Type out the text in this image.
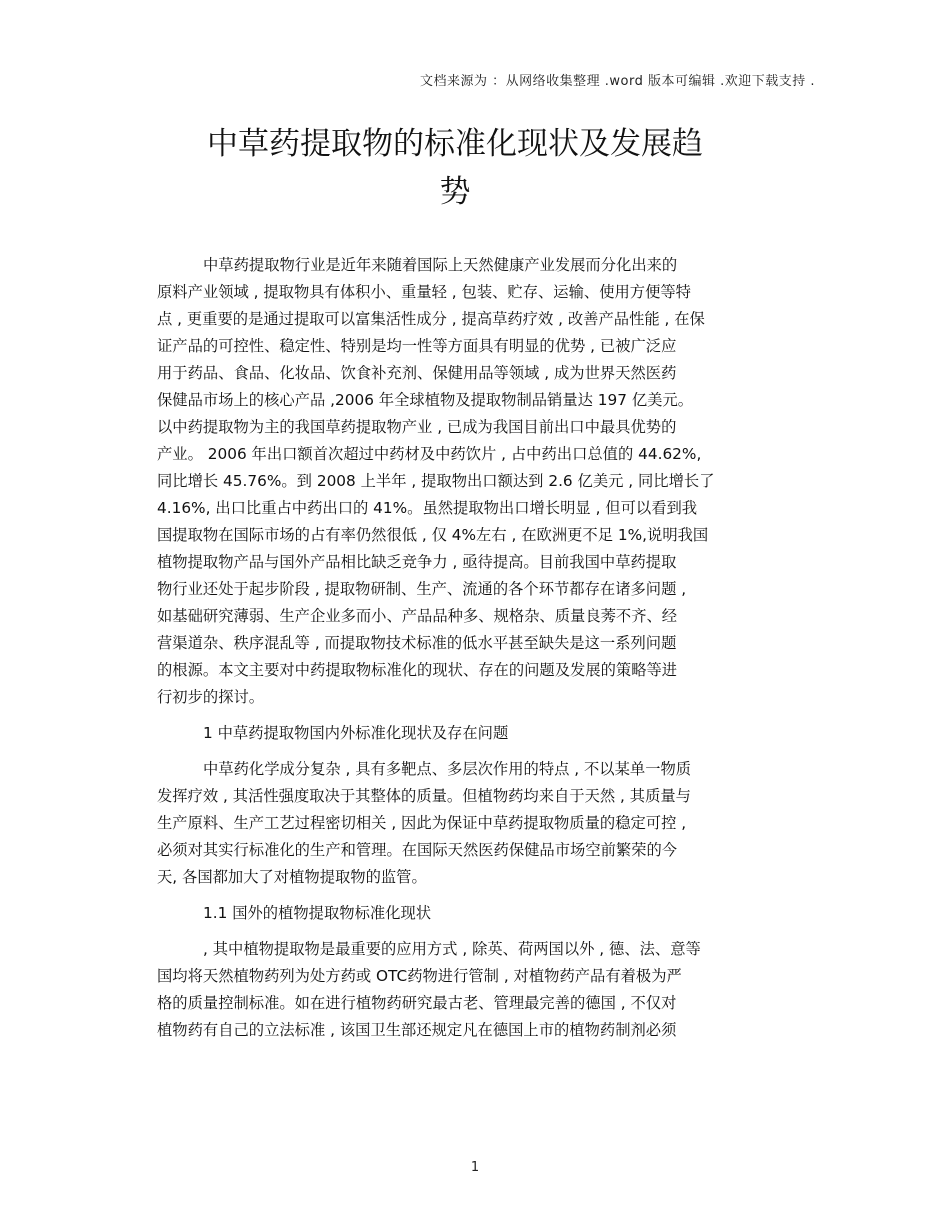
文档来源为 ：从网络收集整理 .word 版本可编辑 .欢迎下载支持 .
中草药提取物的标准化现状及发展趋
势
中草药提取物行业是近年来随着国际上天然健康产业发展而分化出来的
原料产业领域 , 提取物具有体积小、重量轻 , 包装、贮存、运输、使用方便等特
点 , 更重要的是通过提取可以富集活性成分 , 提高草药疗效 , 改善产品性能 , 在保
证产品的可控性、稳定性、特别是均一性等方面具有明显的优势 , 已被广泛应
用于药品、食品、化妆品、饮食补充剂、保健用品等领域 , 成为世界天然医药
保健品市场上的核心产品 ,2006 年全球植物及提取物制品销量达 197 亿美元。
以中药提取物为主的我国草药提取物产业 , 已成为我国目前出口中最具优势的
产业。 2006 年出口额首次超过中药材及中药饮片 , 占中药出口总值的 44.62%,
同比增长 45.76%。到 2008 上半年 , 提取物出口额达到 2.6 亿美元 , 同比增长了
4.16%, 出口比重占中药出口的 41%。虽然提取物出口增长明显 , 但可以看到我
国提取物在国际市场的占有率仍然很低 , 仅 4%左右 , 在欧洲更不足 1%,说明我国
植物提取物产品与国外产品相比缺乏竞争力 , 亟待提高。目前我国中草药提取
物行业还处于起步阶段 , 提取物研制、生产、流通的各个环节都存在诸多问题 ,
如基础研究薄弱、生产企业多而小、产品品种多、规格杂、质量良莠不齐、经
营渠道杂、秩序混乱等 , 而提取物技术标准的低水平甚至缺失是这一系列问题
的根源。本文主要对中药提取物标准化的现状、存在的问题及发展的策略等进
行初步的探讨。
1 中草药提取物国内外标准化现状及存在问题
中草药化学成分复杂 , 具有多靶点、多层次作用的特点 , 不以某单一物质
发挥疗效 , 其活性强度取决于其整体的质量。但植物药均来自于天然 , 其质量与
生产原料、生产工艺过程密切相关 , 因此为保证中草药提取物质量的稳定可控 ,
必须对其实行标准化的生产和管理。在国际天然医药保健品市场空前繁荣的今
天, 各国都加大了对植物提取物的监管。
1.1 国外的植物提取物标准化现状
, 其中植物提取物是最重要的应用方式 , 除英、荷两国以外 , 德、法、意等
国均将天然植物药列为处方药或 OTC药物进行管制 , 对植物药产品有着极为严
格的质量控制标准。如在进行植物药研究最古老、管理最完善的德国 , 不仅对
植物药有自己的立法标准 , 该国卫生部还规定凡在德国上市的植物药制剂必须
1
